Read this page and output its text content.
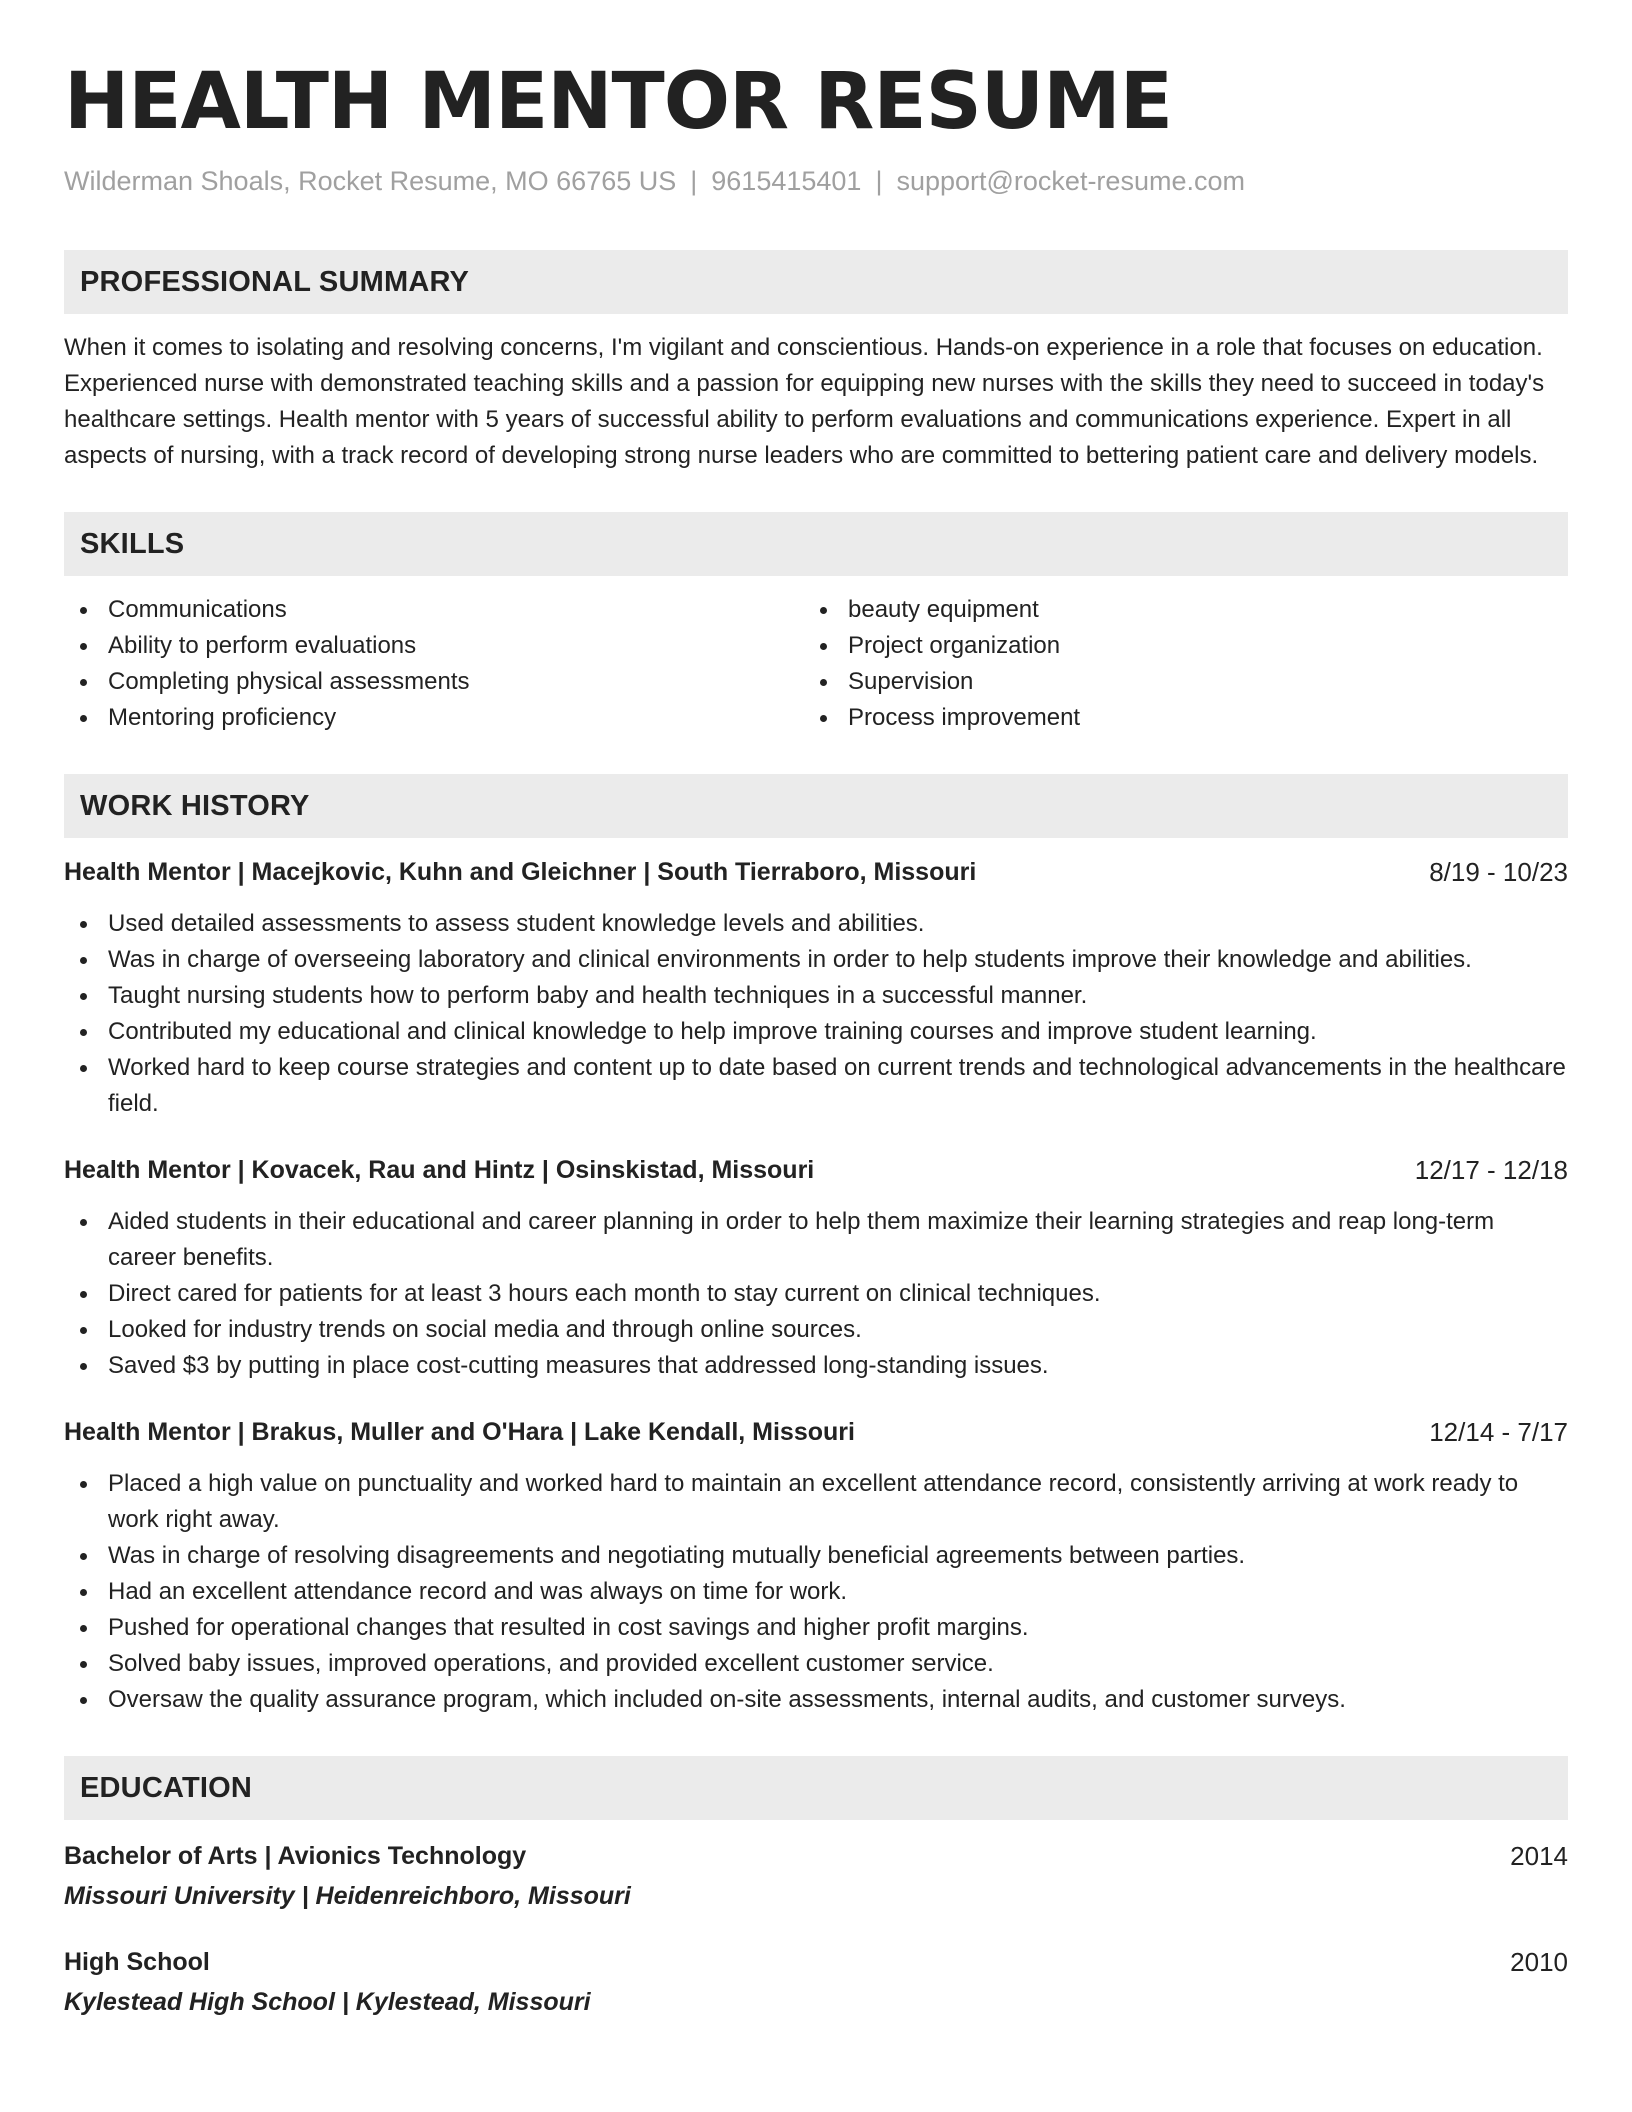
HEALTH MENTOR RESUME
Wilderman Shoals, Rocket Resume, MO 66765 US | 9615415401 | support@rocket-resume.com
PROFESSIONAL SUMMARY
When it comes to isolating and resolving concerns, I'm vigilant and conscientious. Hands-on experience in a role that focuses on education. Experienced nurse with demonstrated teaching skills and a passion for equipping new nurses with the skills they need to succeed in today's healthcare settings. Health mentor with 5 years of successful ability to perform evaluations and communications experience. Expert in all aspects of nursing, with a track record of developing strong nurse leaders who are committed to bettering patient care and delivery models.
SKILLS
Communications
Ability to perform evaluations
Completing physical assessments
Mentoring proficiency
beauty equipment
Project organization
Supervision
Process improvement
WORK HISTORY
Health Mentor | Macejkovic, Kuhn and Gleichner | South Tierraboro, Missouri	8/19 - 10/23
Used detailed assessments to assess student knowledge levels and abilities.
Was in charge of overseeing laboratory and clinical environments in order to help students improve their knowledge and abilities.
Taught nursing students how to perform baby and health techniques in a successful manner.
Contributed my educational and clinical knowledge to help improve training courses and improve student learning.
Worked hard to keep course strategies and content up to date based on current trends and technological advancements in the healthcare field.
Health Mentor | Kovacek, Rau and Hintz | Osinskistad, Missouri	12/17 - 12/18
Aided students in their educational and career planning in order to help them maximize their learning strategies and reap long-term career benefits.
Direct cared for patients for at least 3 hours each month to stay current on clinical techniques.
Looked for industry trends on social media and through online sources.
Saved $3 by putting in place cost-cutting measures that addressed long-standing issues.
Health Mentor | Brakus, Muller and O'Hara | Lake Kendall, Missouri	12/14 - 7/17
Placed a high value on punctuality and worked hard to maintain an excellent attendance record, consistently arriving at work ready to work right away.
Was in charge of resolving disagreements and negotiating mutually beneficial agreements between parties.
Had an excellent attendance record and was always on time for work.
Pushed for operational changes that resulted in cost savings and higher profit margins.
Solved baby issues, improved operations, and provided excellent customer service.
Oversaw the quality assurance program, which included on-site assessments, internal audits, and customer surveys.
EDUCATION
Bachelor of Arts | Avionics Technology	2014
Missouri University | Heidenreichboro, Missouri
High School	2010
Kylestead High School | Kylestead, Missouri
